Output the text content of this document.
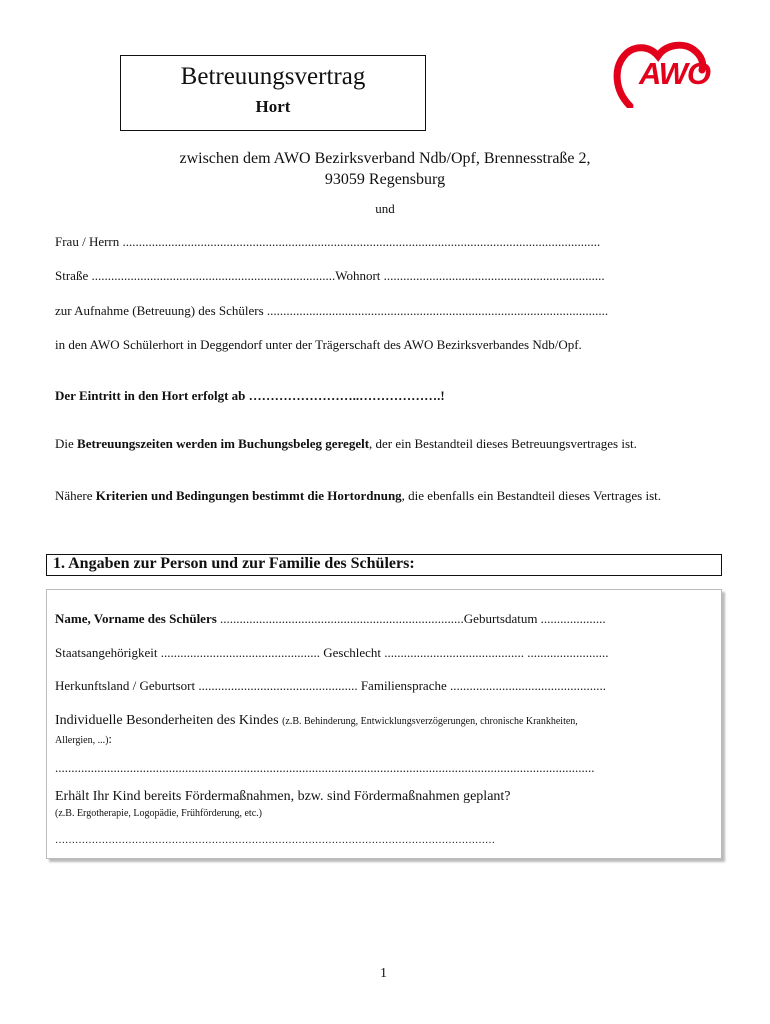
Betreuungsvertrag
Hort
AWO
zwischen dem AWO Bezirksverband Ndb/Opf, Brennesstraße 2,
93059 Regensburg
und
Frau / Herrn ...................................................................................................................................................
Straße ...........................................................................Wohnort ....................................................................
zur Aufnahme (Betreuung) des Schülers .........................................................................................................
in den AWO Schülerhort in Deggendorf unter der Trägerschaft des AWO Bezirksverbandes Ndb/Opf.
Der Eintritt in den Hort erfolgt ab ……………………..……………….!
Die Betreuungszeiten werden im Buchungsbeleg geregelt, der ein Bestandteil dieses Betreuungsvertrages ist.
Nähere Kriterien und Bedingungen bestimmt die Hortordnung, die ebenfalls ein Bestandteil dieses Vertrages ist.
1. Angaben zur Person und zur Familie des Schülers:
Name, Vorname des Schülers ...........................................................................Geburtsdatum ....................
Staatsangehörigkeit ................................................. Geschlecht ........................................... .........................
Herkunftsland / Geburtsort ................................................. Familiensprache ................................................
Individuelle Besonderheiten des Kindes (z.B. Behinderung, Entwicklungsverzögerungen, chronische Krankheiten,
Allergien, ...):
......................................................................................................................................................................
Erhält Ihr Kind bereits Fördermaßnahmen, bzw. sind Fördermaßnahmen geplant?
(z.B. Ergotherapie, Logopädie, Frühförderung, etc.)
……………………………………………………………………………………………………………………
1
